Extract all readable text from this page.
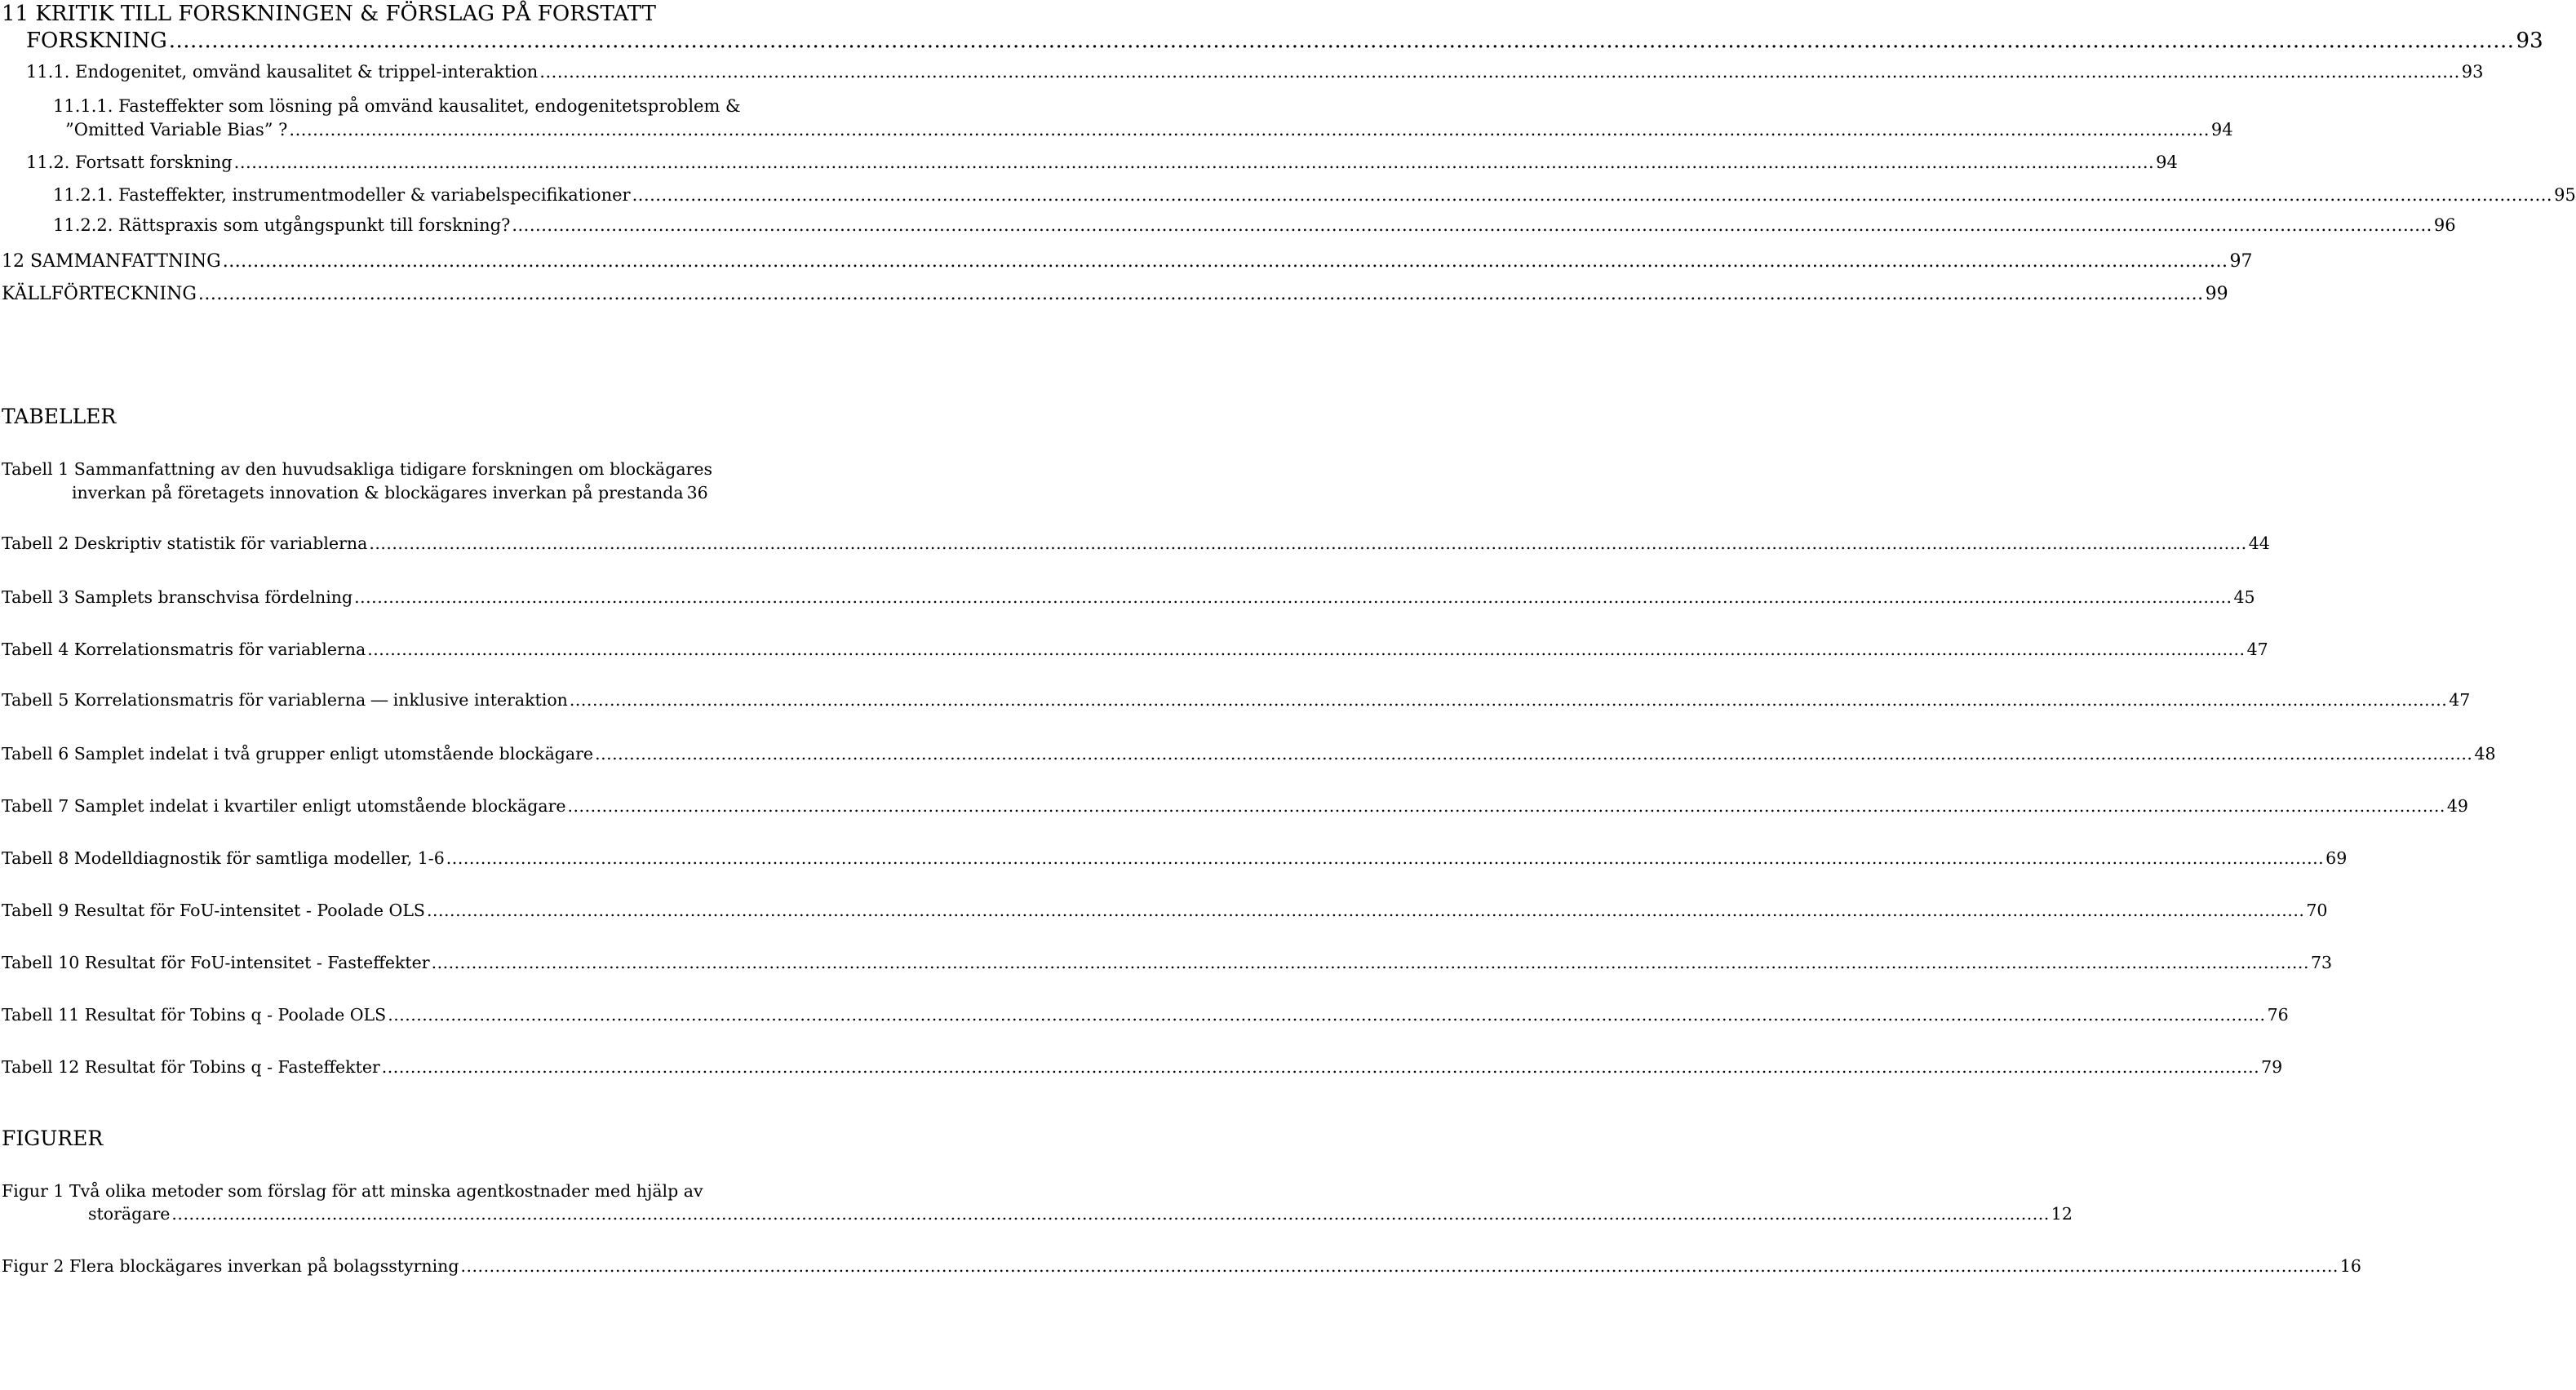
11 KRITIK TILL FORSKNINGEN & FÖRSLAG PÅ FORSTATT
FORSKNING .....	93
11.1. Endogenitet, omvänd kausalitet & trippel-interaktion .....	93
11.1.1. Fasteffekter som lösning på omvänd kausalitet, endogenitetsproblem &
”Omitted Variable Bias” ? .....	94
11.2. Fortsatt forskning .....	94
11.2.1. Fasteffekter, instrumentmodeller & variabelspecifikationer .....	95
11.2.2. Rättspraxis som utgångspunkt till forskning? .....	96
12 SAMMANFATTNING .....	97
KÄLLFÖRTECKNING .....	99
TABELLER
Tabell 1 Sammanfattning av den huvudsakliga tidigare forskningen om blockägares
inverkan på företagets innovation & blockägares inverkan på prestanda 36
Tabell 2 Deskriptiv statistik för variablerna .....	44
Tabell 3 Samplets branschvisa fördelning .....	45
Tabell 4 Korrelationsmatris för variablerna .....	47
Tabell 5 Korrelationsmatris för variablerna ― inklusive interaktion .....	47
Tabell 6 Samplet indelat i två grupper enligt utomstående blockägare .....	48
Tabell 7 Samplet indelat i kvartiler enligt utomstående blockägare .....	49
Tabell 8 Modelldiagnostik för samtliga modeller, 1-6 .....	69
Tabell 9 Resultat för FoU-intensitet - Poolade OLS .....	70
Tabell 10 Resultat för FoU-intensitet - Fasteffekter .....	73
Tabell 11 Resultat för Tobins q - Poolade OLS .....	76
Tabell 12 Resultat för Tobins q - Fasteffekter .....	79
FIGURER
Figur 1 Två olika metoder som förslag för att minska agentkostnader med hjälp av
storägare .....	12
Figur 2 Flera blockägares inverkan på bolagsstyrning .....	16
